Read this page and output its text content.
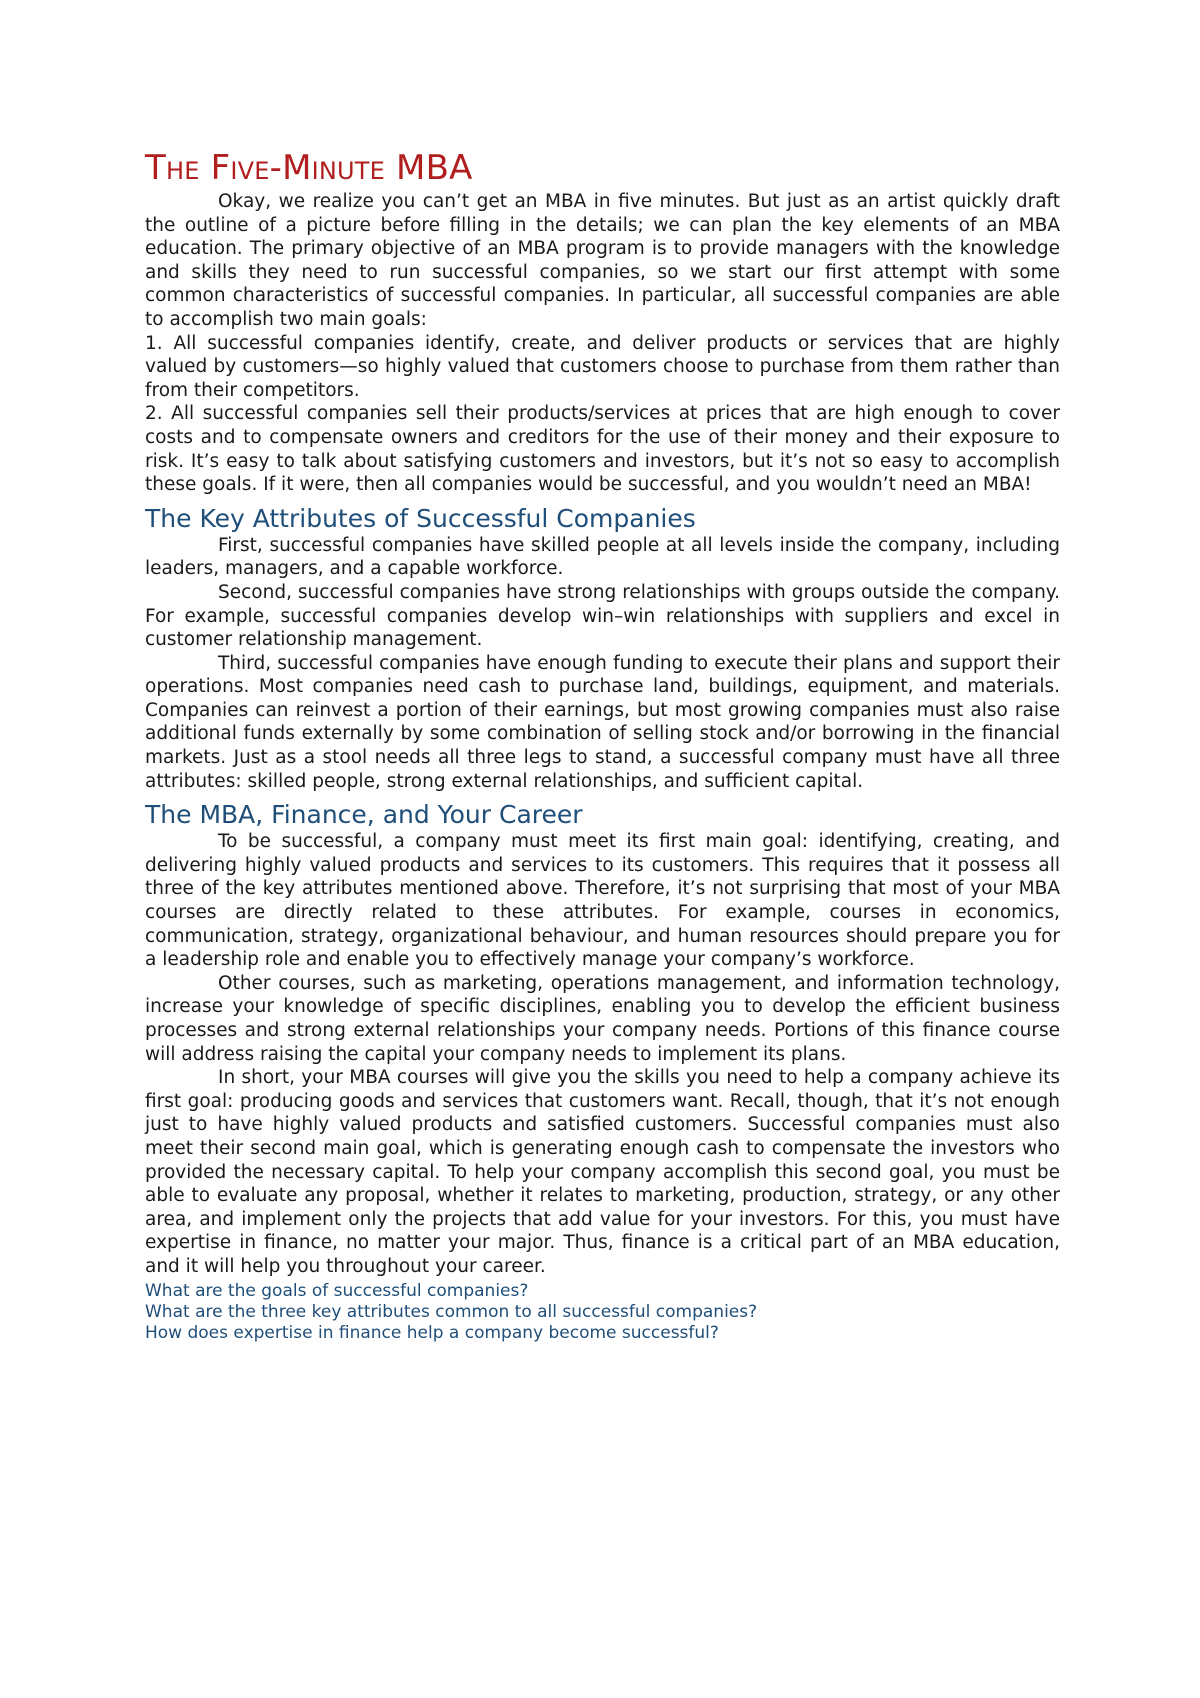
The Five-Minute MBA

Okay, we realize you can’t get an MBA in five minutes. But just as an artist quickly draft the outline of a picture before filling in the details; we can plan the key elements of an MBA education. The primary objective of an MBA program is to provide managers with the knowledge and skills they need to run successful companies, so we start our first attempt with some common characteristics of successful companies. In particular, all successful companies are able to accomplish two main goals:

1. All successful companies identify, create, and deliver products or services that are highly valued by customers—so highly valued that customers choose to purchase from them rather than from their competitors.

2. All successful companies sell their products/services at prices that are high enough to cover costs and to compensate owners and creditors for the use of their money and their exposure to risk. It’s easy to talk about satisfying customers and investors, but it’s not so easy to accomplish these goals. If it were, then all companies would be successful, and you wouldn’t need an MBA!

The Key Attributes of Successful Companies

First, successful companies have skilled people at all levels inside the company, including leaders, managers, and a capable workforce.

Second, successful companies have strong relationships with groups outside the company. For example, successful companies develop win–win relationships with suppliers and excel in customer relationship management.

Third, successful companies have enough funding to execute their plans and support their operations. Most companies need cash to purchase land, buildings, equipment, and materials. Companies can reinvest a portion of their earnings, but most growing companies must also raise additional funds externally by some combination of selling stock and/or borrowing in the financial markets. Just as a stool needs all three legs to stand, a successful company must have all three attributes: skilled people, strong external relationships, and sufficient capital.

The MBA, Finance, and Your Career

To be successful, a company must meet its first main goal: identifying, creating, and delivering highly valued products and services to its customers. This requires that it possess all three of the key attributes mentioned above. Therefore, it’s not surprising that most of your MBA courses are directly related to these attributes. For example, courses in economics, communication, strategy, organizational behaviour, and human resources should prepare you for a leadership role and enable you to effectively manage your company’s workforce.

Other courses, such as marketing, operations management, and information technology, increase your knowledge of specific disciplines, enabling you to develop the efficient business processes and strong external relationships your company needs. Portions of this finance course will address raising the capital your company needs to implement its plans.

In short, your MBA courses will give you the skills you need to help a company achieve its first goal: producing goods and services that customers want. Recall, though, that it’s not enough just to have highly valued products and satisfied customers. Successful companies must also meet their second main goal, which is generating enough cash to compensate the investors who provided the necessary capital. To help your company accomplish this second goal, you must be able to evaluate any proposal, whether it relates to marketing, production, strategy, or any other area, and implement only the projects that add value for your investors. For this, you must have expertise in finance, no matter your major. Thus, finance is a critical part of an MBA education, and it will help you throughout your career.

What are the goals of successful companies?

What are the three key attributes common to all successful companies?

How does expertise in finance help a company become successful?
